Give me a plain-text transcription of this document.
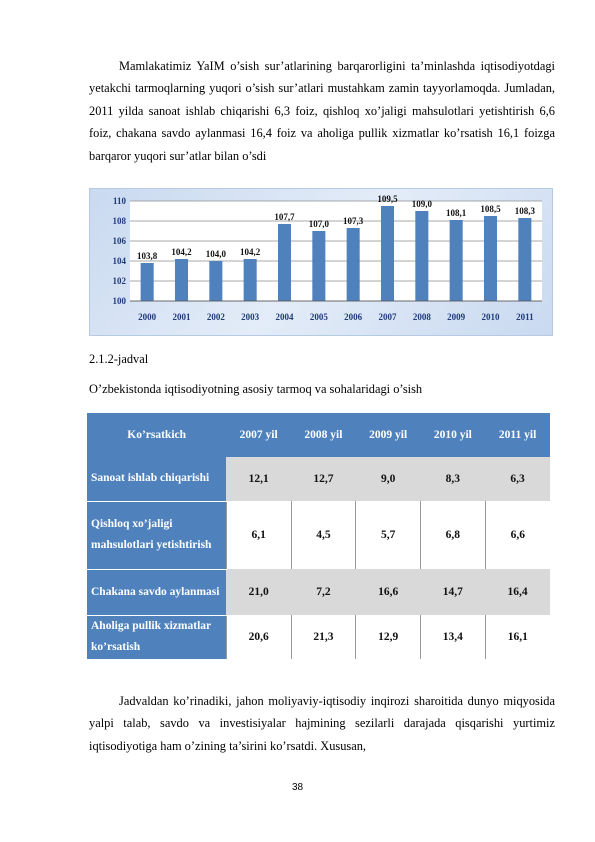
Mamlakatimiz YaIM o’sish sur’atlarining barqarorligini ta’minlashda iqtisodiyotdagi yetakchi tarmoqlarning yuqori o’sish sur’atlari mustahkam zamin tayyorlamoqda. Jumladan, 2011 yilda sanoat ishlab chiqarishi 6,3 foiz, qishloq xo’jaligi mahsulotlari yetishtirish 6,6 foiz, chakana savdo aylanmasi 16,4 foiz va aholiga pullik xizmatlar ko’rsatish 16,1 foizga barqaror yuqori sur’atlar bilan o’sdi

100
102
104
106
108
110
103,8
2000
104,2
2001
104,0
2002
104,2
2003
107,7
2004
107,0
2005
107,3
2006
109,5
2007
109,0
2008
108,1
2009
108,5
2010
108,3
2011

2.1.2-jadval

O’zbekistonda iqtisodiyotning asosiy tarmoq va sohalaridagi o’sish

Ko’rsatkich	2007 yil	2008 yil	2009 yil	2010 yil	2011 yil
Sanoat ishlab chiqarishi	12,1	12,7	9,0	8,3	6,3
Qishloq xo’jaligi mahsulotlari yetishtirish	6,1	4,5	5,7	6,8	6,6
Chakana savdo aylanmasi	21,0	7,2	16,6	14,7	16,4
Aholiga pullik xizmatlar ko’rsatish	20,6	21,3	12,9	13,4	16,1

Jadvaldan ko’rinadiki, jahon moliyaviy-iqtisodiy inqirozi sharoitida dunyo miqyosida yalpi talab, savdo va investisiyalar hajmining sezilarli darajada qisqarishi yurtimiz iqtisodiyotiga ham o’zining ta’sirini ko’rsatdi. Xususan,

38
